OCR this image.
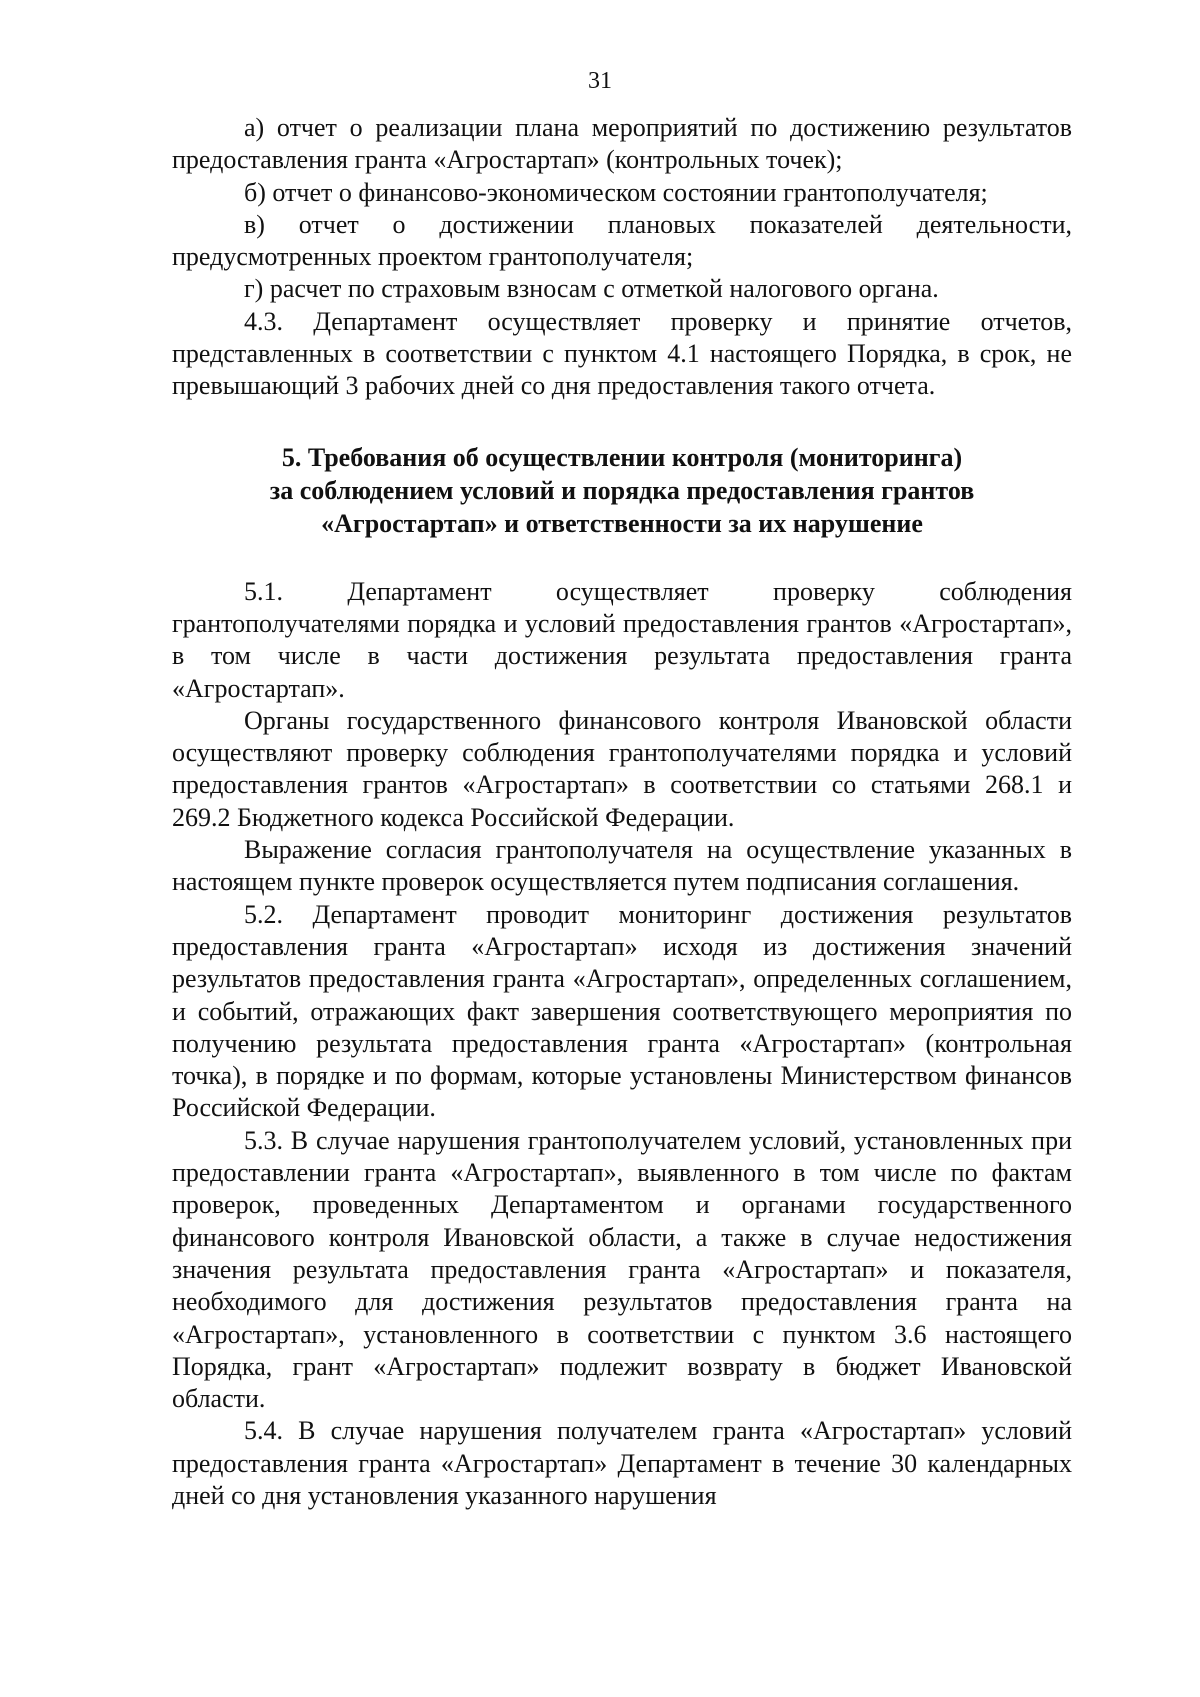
31

а) отчет о реализации плана мероприятий по достижению результатов предоставления гранта «Агростартап» (контрольных точек);

б) отчет о финансово-экономическом состоянии грантополучателя;

в) отчет о достижении плановых показателей деятельности, предусмотренных проектом грантополучателя;

г) расчет по страховым взносам с отметкой налогового органа.

4.3. Департамент осуществляет проверку и принятие отчетов, представленных в соответствии с пунктом 4.1 настоящего Порядка, в срок, не превышающий 3 рабочих дней со дня предоставления такого отчета.

5. Требования об осуществлении контроля (мониторинга)
за соблюдением условий и порядка предоставления грантов
«Агростартап» и ответственности за их нарушение

5.1. Департамент осуществляет проверку соблюдения грантополучателями порядка и условий предоставления грантов «Агростартап», в том числе в части достижения результата предоставления гранта «Агростартап».

Органы государственного финансового контроля Ивановской области осуществляют проверку соблюдения грантополучателями порядка и условий предоставления грантов «Агростартап» в соответствии со статьями 268.1 и 269.2 Бюджетного кодекса Российской Федерации.

Выражение согласия грантополучателя на осуществление указанных в настоящем пункте проверок осуществляется путем подписания соглашения.

5.2. Департамент проводит мониторинг достижения результатов предоставления гранта «Агростартап» исходя из достижения значений результатов предоставления гранта «Агростартап», определенных соглашением, и событий, отражающих факт завершения соответствующего мероприятия по получению результата предоставления гранта «Агростартап» (контрольная точка), в порядке и по формам, которые установлены Министерством финансов Российской Федерации.

5.3. В случае нарушения грантополучателем условий, установленных при предоставлении гранта «Агростартап», выявленного в том числе по фактам проверок, проведенных Департаментом и органами государственного финансового контроля Ивановской области, а также в случае недостижения значения результата предоставления гранта «Агростартап» и показателя, необходимого для достижения результатов предоставления гранта на «Агростартап», установленного в соответствии с пунктом 3.6 настоящего Порядка, грант «Агростартап» подлежит возврату в бюджет Ивановской области.

5.4. В случае нарушения получателем гранта «Агростартап» условий предоставления гранта «Агростартап» Департамент в течение 30 календарных дней со дня установления указанного нарушения
